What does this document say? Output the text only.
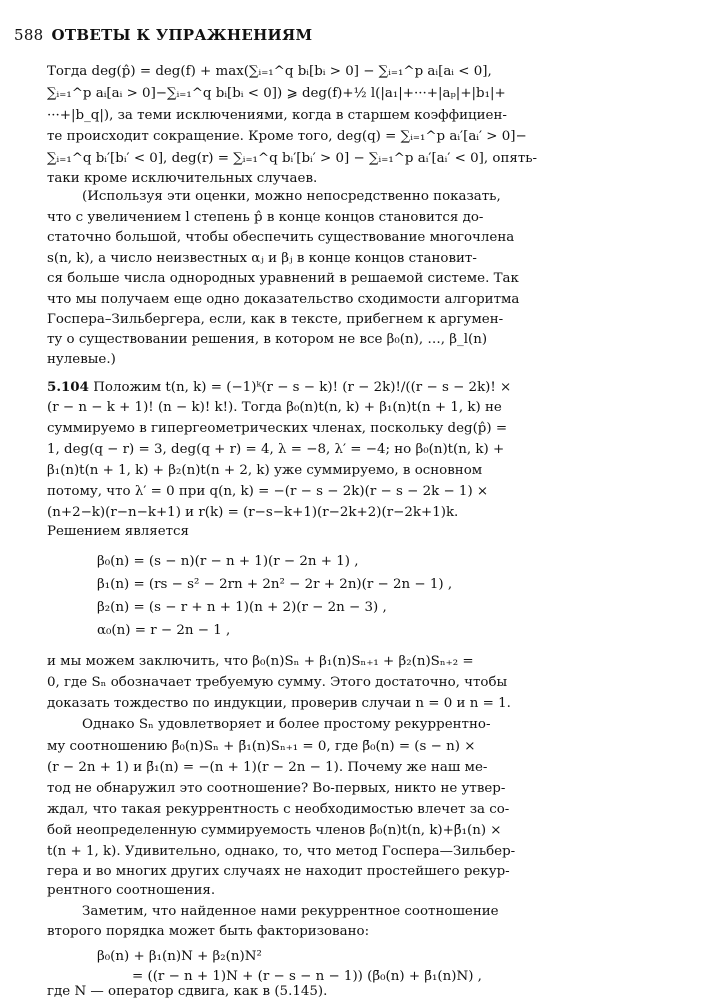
588 ОТВЕТЫ К УПРАЖНЕНИЯМ
Тогда deg(p̂) = deg(f) + max(∑ᵢ₌₁^q bᵢ[bᵢ > 0] − ∑ᵢ₌₁^p aᵢ[aᵢ < 0],
∑ᵢ₌₁^p aᵢ[aᵢ > 0]−∑ᵢ₌₁^q bᵢ[bᵢ < 0]) ⩾ deg(f)+½ l(|a₁|+···+|aₚ|+|b₁|+
···+|b_q|), за теми исключениями, когда в старшем коэффициен-
те происходит сокращение. Кроме того, deg(q) = ∑ᵢ₌₁^p aᵢ′[aᵢ′ > 0]−
∑ᵢ₌₁^q bᵢ′[bᵢ′ < 0], deg(r) = ∑ᵢ₌₁^q bᵢ′[bᵢ′ > 0] − ∑ᵢ₌₁^p aᵢ′[aᵢ′ < 0], опять-
таки кроме исключительных случаев.
(Используя эти оценки, можно непосредственно показать,
что с увеличением l степень p̂ в конце концов становится до-
статочно большой, чтобы обеспечить существование многочлена
s(n, k), а число неизвестных αⱼ и βⱼ в конце концов становит-
ся больше числа однородных уравнений в решаемой системе. Так
что мы получаем еще одно доказательство сходимости алгоритма
Госпера–Зильбергера, если, как в тексте, прибегнем к аргумен-
ту о существовании решения, в котором не все β₀(n), …, β_l(n)
нулевые.)
5.104 Положим t(n, k) = (−1)ᵏ(r − s − k)! (r − 2k)!/((r − s − 2k)! ×
(r − n − k + 1)! (n − k)! k!). Тогда β₀(n)t(n, k) + β₁(n)t(n + 1, k) не
суммируемо в гипергеометрических членах, поскольку deg(p̂) =
1, deg(q − r) = 3, deg(q + r) = 4, λ = −8, λ′ = −4; но β₀(n)t(n, k) +
β₁(n)t(n + 1, k) + β₂(n)t(n + 2, k) уже суммируемо, в основном
потому, что λ′ = 0 при q(n, k) = −(r − s − 2k)(r − s − 2k − 1) ×
(n+2−k)(r−n−k+1) и r(k) = (r−s−k+1)(r−2k+2)(r−2k+1)k.
Решением является
β₀(n) = (s − n)(r − n + 1)(r − 2n + 1) ,
β₁(n) = (rs − s² − 2rn + 2n² − 2r + 2n)(r − 2n − 1) ,
β₂(n) = (s − r + n + 1)(n + 2)(r − 2n − 3) ,
α₀(n) = r − 2n − 1 ,
и мы можем заключить, что β₀(n)Sₙ + β₁(n)Sₙ₊₁ + β₂(n)Sₙ₊₂ =
0, где Sₙ обозначает требуемую сумму. Этого достаточно, чтобы
доказать тождество по индукции, проверив случаи n = 0 и n = 1.
Однако Sₙ удовлетворяет и более простому рекуррентно-
му соотношению β̄₀(n)Sₙ + β̄₁(n)Sₙ₊₁ = 0, где β̄₀(n) = (s − n) ×
(r − 2n + 1) и β̄₁(n) = −(n + 1)(r − 2n − 1). Почему же наш ме-
тод не обнаружил это соотношение? Во-первых, никто не утвер-
ждал, что такая рекуррентность с необходимостью влечет за со-
бой неопределенную суммируемость членов β̄₀(n)t(n, k)+β̄₁(n) ×
t(n + 1, k). Удивительно, однако, то, что метод Госпера—Зильбер-
гера и во многих других случаях не находит простейшего рекур-
рентного соотношения.
Заметим, что найденное нами рекуррентное соотношение
второго порядка может быть факторизовано:
β₀(n) + β₁(n)N + β₂(n)N²
= ((r − n + 1)N + (r − s − n − 1)) (β̄₀(n) + β̄₁(n)N) ,
где N — оператор сдвига, как в (5.145).
